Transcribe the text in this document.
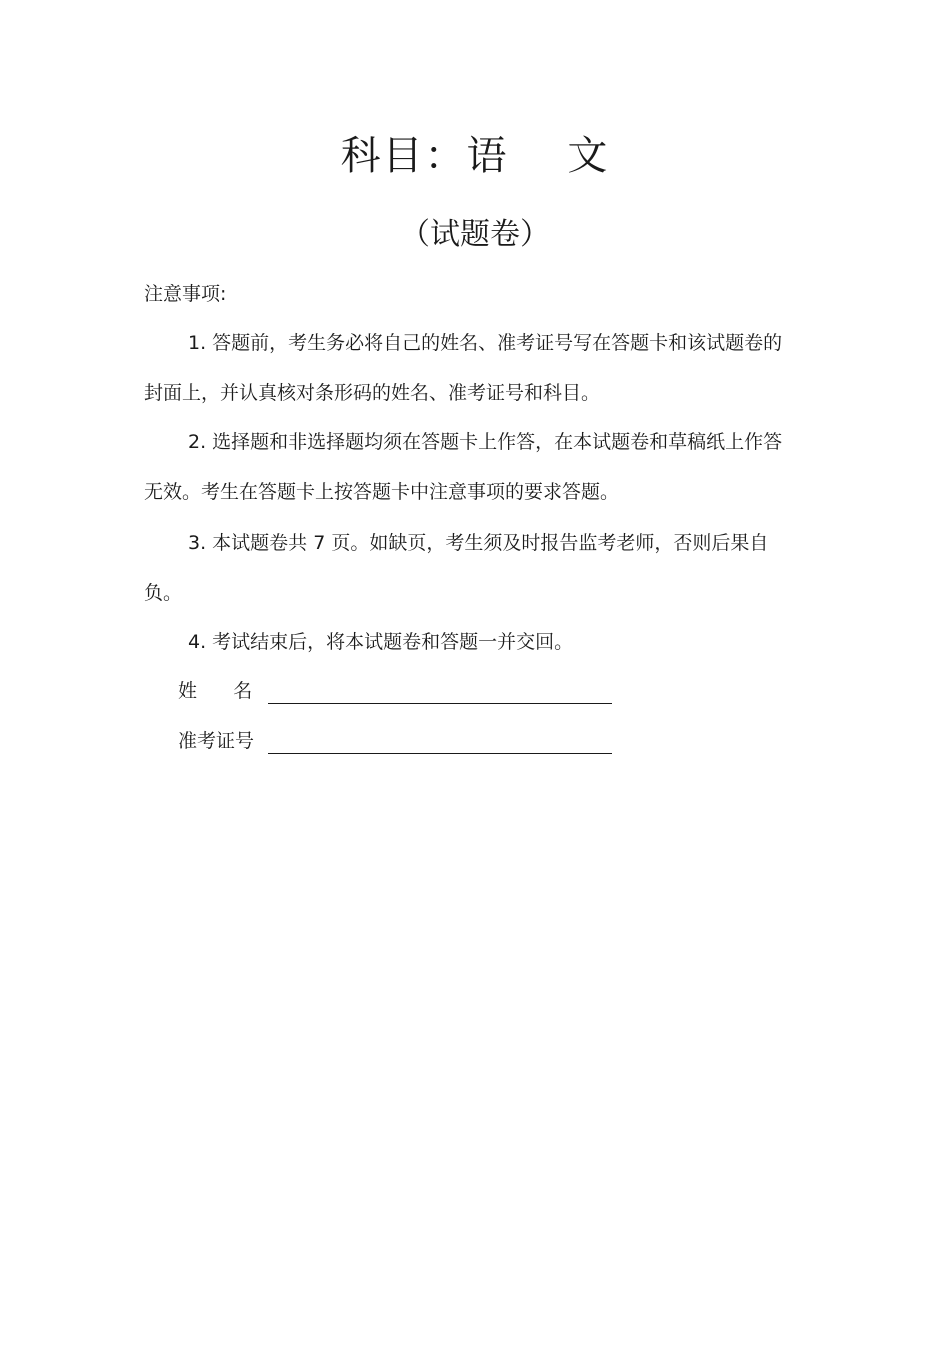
科目：语    文
（试题卷）
注意事项:
1. 答题前，考生务必将自己的姓名、准考证号写在答题卡和该试题卷的封面上，并认真核对条形码的姓名、准考证号和科目。
2. 选择题和非选择题均须在答题卡上作答，在本试题卷和草稿纸上作答无效。考生在答题卡上按答题卡中注意事项的要求答题。
3. 本试题卷共 7 页。如缺页，考生须及时报告监考老师，否则后果自负。
4. 考试结束后，将本试题卷和答题一并交回。
姓      名
准考证号
